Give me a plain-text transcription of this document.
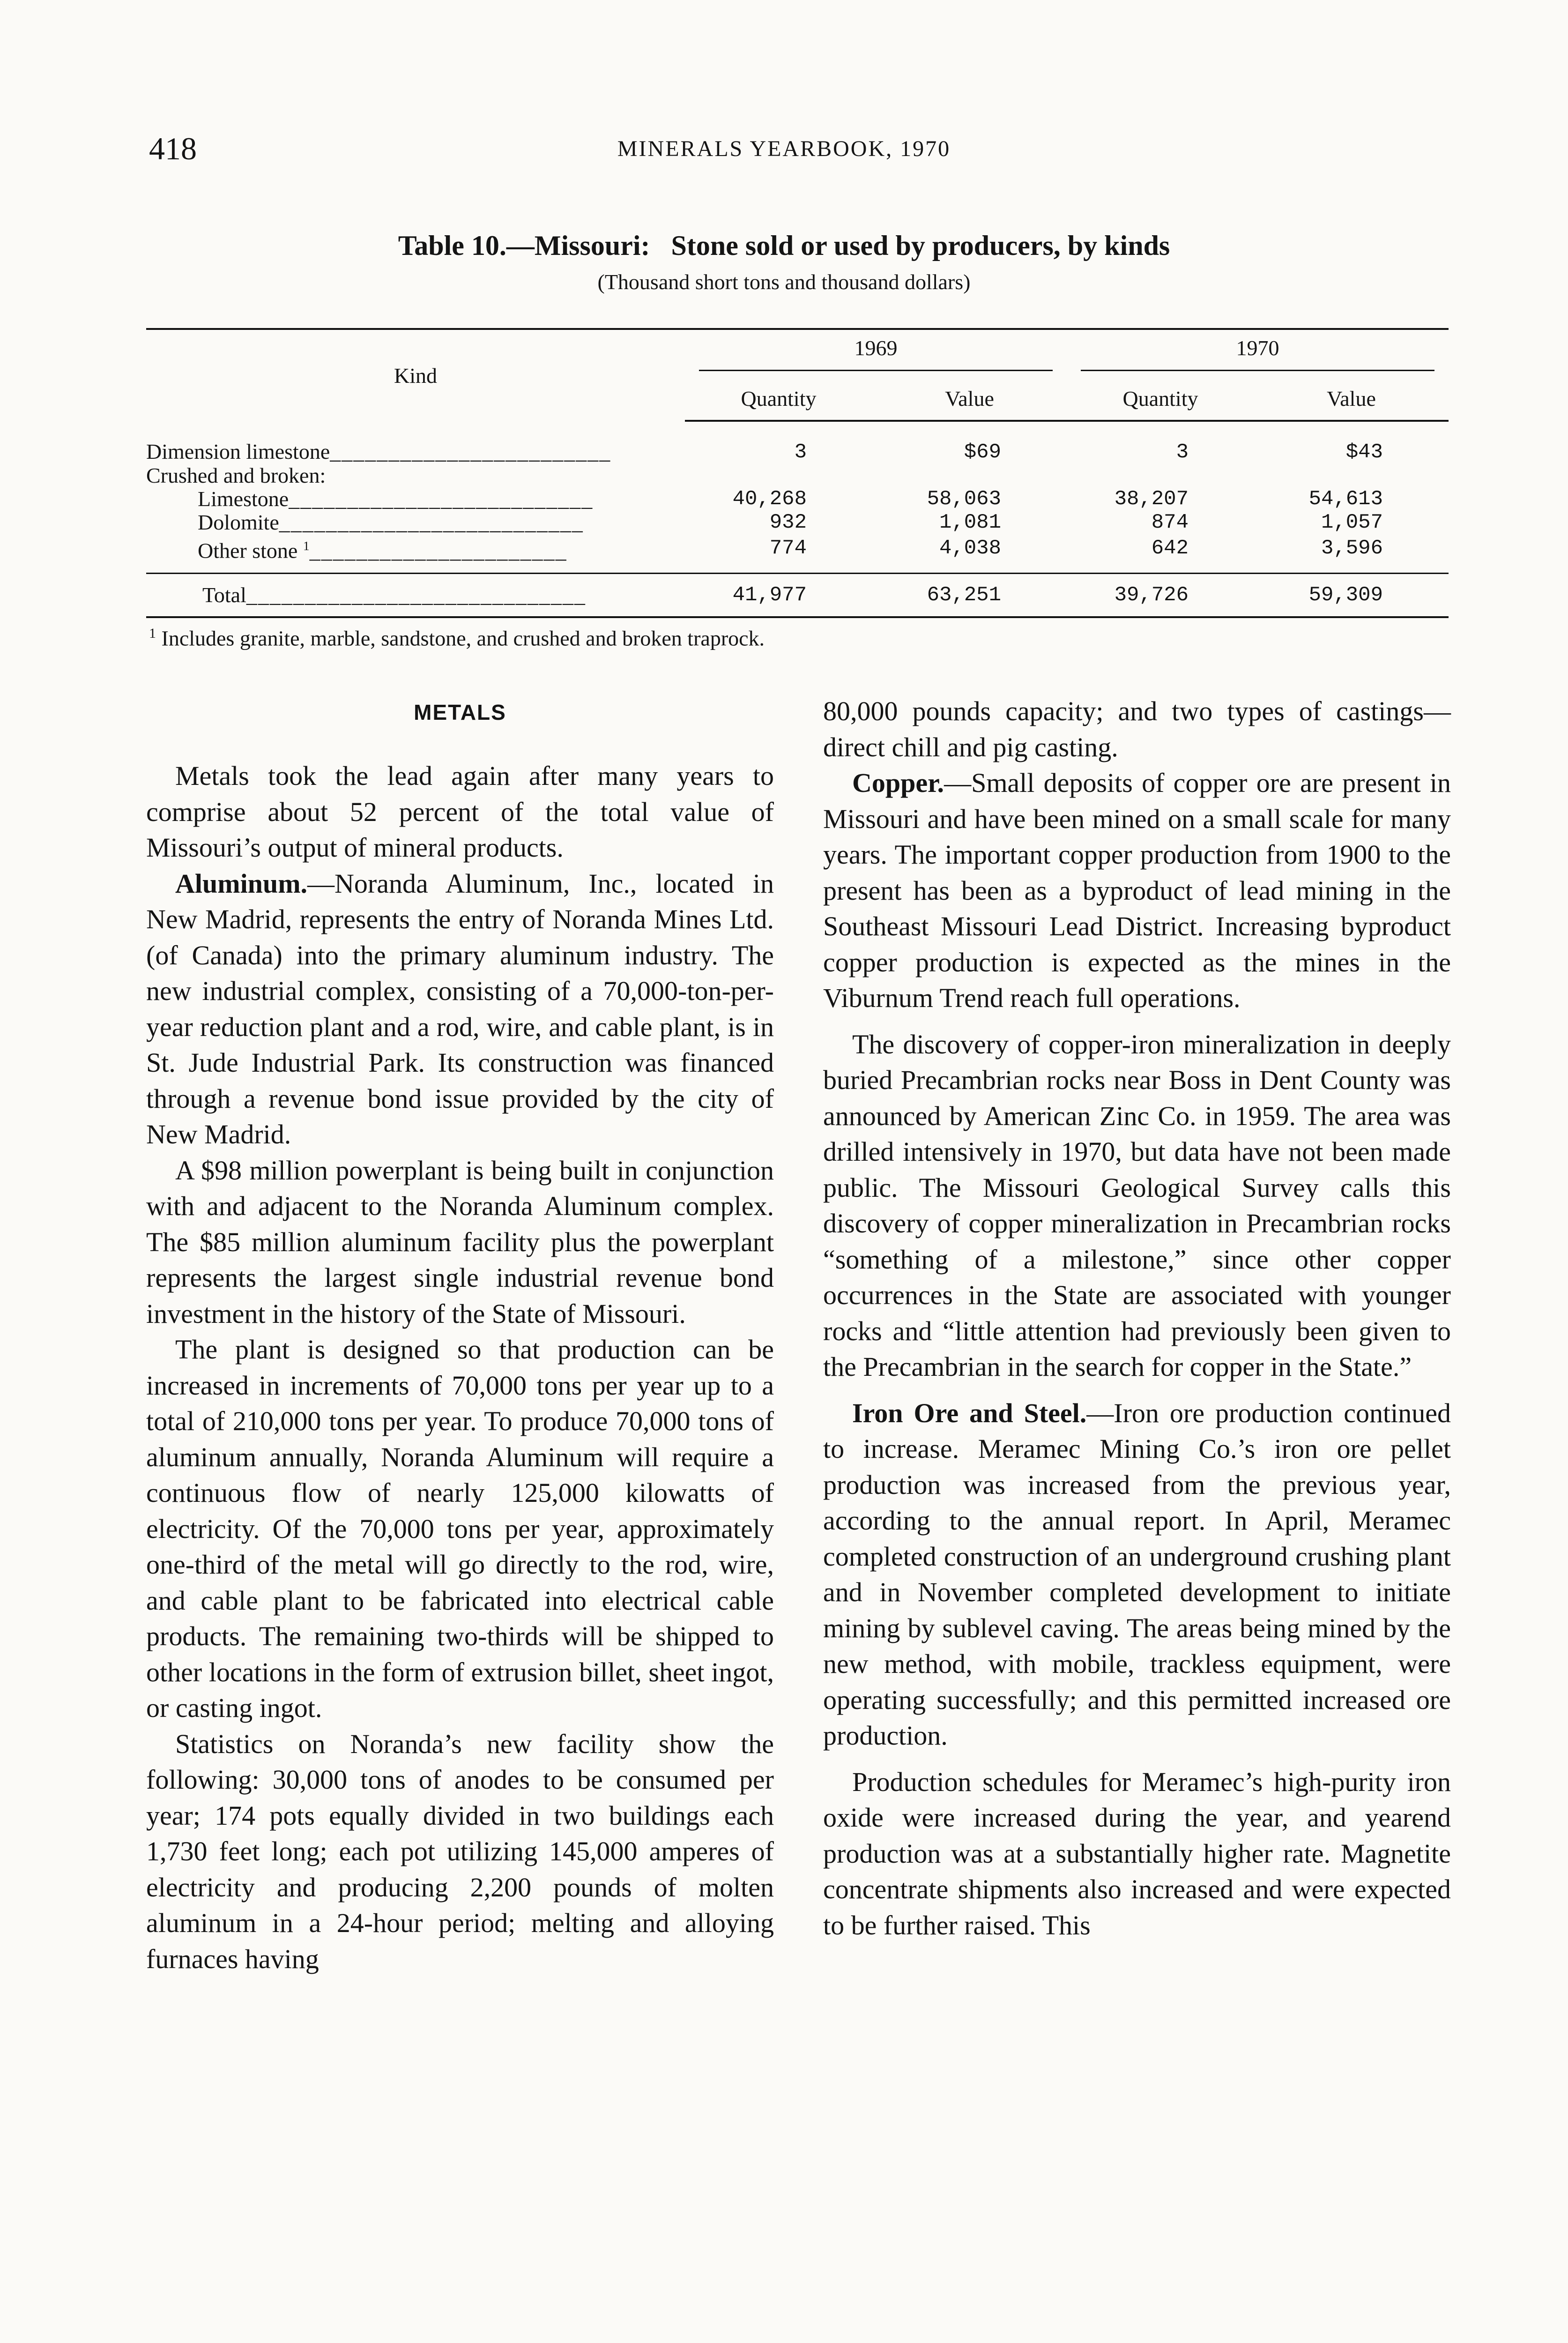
418	MINERALS YEARBOOK, 1970
Table 10.—Missouri:   Stone sold or used by producers, by kinds
(Thousand short tons and thousand dollars)
Kind	1969		1970	

	Quantity	Value	Quantity	Value
Dimension limestone________________________	3	$69	3	$43
Crushed and broken:				
Limestone__________________________	40,268	58,063	38,207	54,613
Dolomite__________________________	932	1,081	874	1,057
Other stone $^1$______________________	774	4,038	642	3,596
Total_____________________________	41,977	63,251	39,726	59,309
$^1$ Includes granite, marble, sandstone, and crushed and broken traprock.
METALS

Metals took the lead again after many years to comprise about 52 percent of the total value of Missouri’s output of mineral products.

Aluminum.—Noranda Aluminum, Inc., located in New Madrid, represents the entry of Noranda Mines Ltd. (of Canada) into the primary aluminum industry. The new industrial complex, consisting of a 70,000-ton-per-year reduction plant and a rod, wire, and cable plant, is in St. Jude Industrial Park. Its construction was financed through a revenue bond issue provided by the city of New Madrid.

A $98 million powerplant is being built in conjunction with and adjacent to the Noranda Aluminum complex. The $85 million aluminum facility plus the powerplant represents the largest single industrial revenue bond investment in the history of the State of Missouri.

The plant is designed so that production can be increased in increments of 70,000 tons per year up to a total of 210,000 tons per year. To produce 70,000 tons of aluminum annually, Noranda Aluminum will require a continuous flow of nearly 125,000 kilowatts of electricity. Of the 70,000 tons per year, approximately one-third of the metal will go directly to the rod, wire, and cable plant to be fabricated into electrical cable products. The remaining two-thirds will be shipped to other locations in the form of extrusion billet, sheet ingot, or casting ingot.

Statistics on Noranda’s new facility show the following: 30,000 tons of anodes to be consumed per year; 174 pots equally divided in two buildings each 1,730 feet long; each pot utilizing 145,000 amperes of electricity and producing 2,200 pounds of molten aluminum in a 24-hour period; melting and alloying furnaces having

80,000 pounds capacity; and two types of castings—direct chill and pig casting.

Copper.—Small deposits of copper ore are present in Missouri and have been mined on a small scale for many years. The important copper production from 1900 to the present has been as a byproduct of lead mining in the Southeast Missouri Lead District. Increasing byproduct copper production is expected as the mines in the Viburnum Trend reach full operations.

The discovery of copper-iron mineralization in deeply buried Precambrian rocks near Boss in Dent County was announced by American Zinc Co. in 1959. The area was drilled intensively in 1970, but data have not been made public. The Missouri Geological Survey calls this discovery of copper mineralization in Precambrian rocks “something of a milestone,” since other copper occurrences in the State are associated with younger rocks and “little attention had previously been given to the Precambrian in the search for copper in the State.”

Iron Ore and Steel.—Iron ore production continued to increase. Meramec Mining Co.’s iron ore pellet production was increased from the previous year, according to the annual report. In April, Meramec completed construction of an underground crushing plant and in November completed development to initiate mining by sublevel caving. The areas being mined by the new method, with mobile, trackless equipment, were operating successfully; and this permitted increased ore production.

Production schedules for Meramec’s high-purity iron oxide were increased during the year, and yearend production was at a substantially higher rate. Magnetite concentrate shipments also increased and were expected to be further raised. This
